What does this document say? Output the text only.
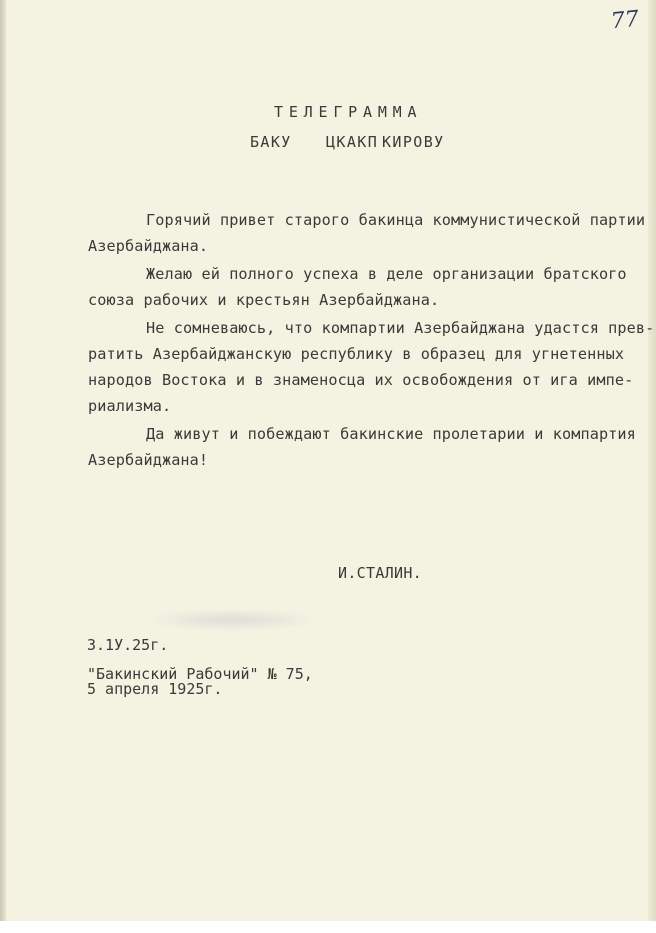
77
ТЕЛЕГРАММА
БАКУ ЦКАКП КИРОВУ
Горячий привет старого бакинца коммунистической партии
Азербайджана.
Желаю ей полного успеха в деле организации братского
союза рабочих и крестьян Азербайджана.
Не сомневаюсь, что компартии Азербайджана удастся прев-
ратить Азербайджанскую республику в образец для угнетенных
народов Востока и в знаменосца их освобождения от ига импе-
риализма.
Да живут и побеждают бакинские пролетарии и компартия
Азербайджана!
И.СТАЛИН.
3.1У.25г.
"Бакинский Рабочий" № 75,
5 апреля 1925г.
